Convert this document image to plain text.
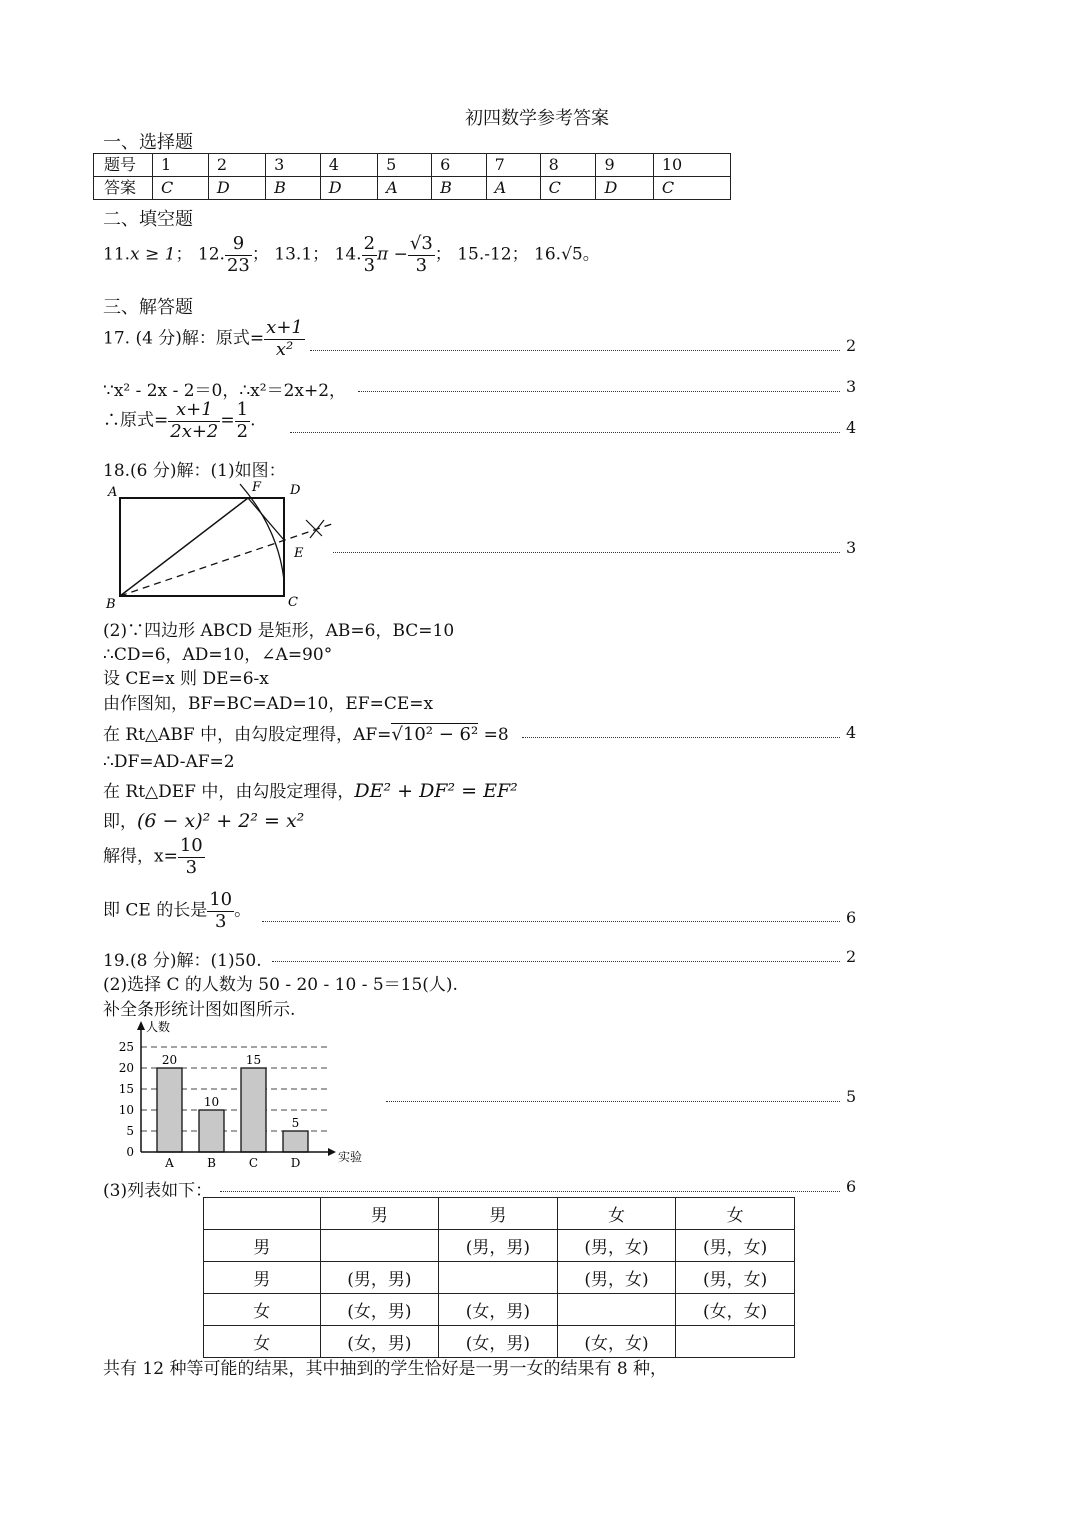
初四数学参考答案
一、选择题
题号	1	2	3	4	5	6	7	8	9	10
答案	C	D	B	D	A	B	A	C	D	C
二、填空题
11.x ≥ 1； 12. $\frac{9}{23}$ ； 13.1； 14. $\frac{2}{3}$ $\pi - \frac{√3}{3}$ ； 15.-12； 16.√5。
三、解答题
17. (4 分)解：原式= $\frac{x+1}{\text{x²}}$	2
∵x² - 2x - 2＝0，∴x²＝2x+2，	3
∴原式= $\frac{x+1}{2x+2} = \frac{1}{2}$ .	4
18.(6 分)解：(1)如图：
A
B	C
D
E
F
3
(2)∵四边形 ABCD 是矩形，AB=6，BC=10
∴CD=6，AD=10，∠A=90°
设 CE=x 则 DE=6-x
由作图知，BF=BC=AD=10，EF=CE=x
在 Rt△ABF 中，由勾股定理得，AF=√10² − 6² =8	4
∴DF=AD-AF=2
在 Rt△DEF 中，由勾股定理得，DE² + DF² = EF²
即，(6 − x)² + 2² = x²
解得，$x= \frac{10}{3}$
即 CE 的长是 $\frac{10}{3}$ 。	6
19.(8 分)解：(1)50.	2
(2)选择 C 的人数为 50 - 20 - 10 - 5＝15(人).
补全条形统计图如图所示.
人数
实验
0
5
10
15
20
25
A	B	C	D
20
10
15
5
5
(3)列表如下：	6
	男	男	女	女
男		(男，男)	(男，女)	(男，女)
男	(男，男)		(男，女)	(男，女)
女	(女，男)	(女，男)		(女，女)
女	(女，男)	(女，男)	(女，女)	
共有 12 种等可能的结果，其中抽到的学生恰好是一男一女的结果有 8 种，
